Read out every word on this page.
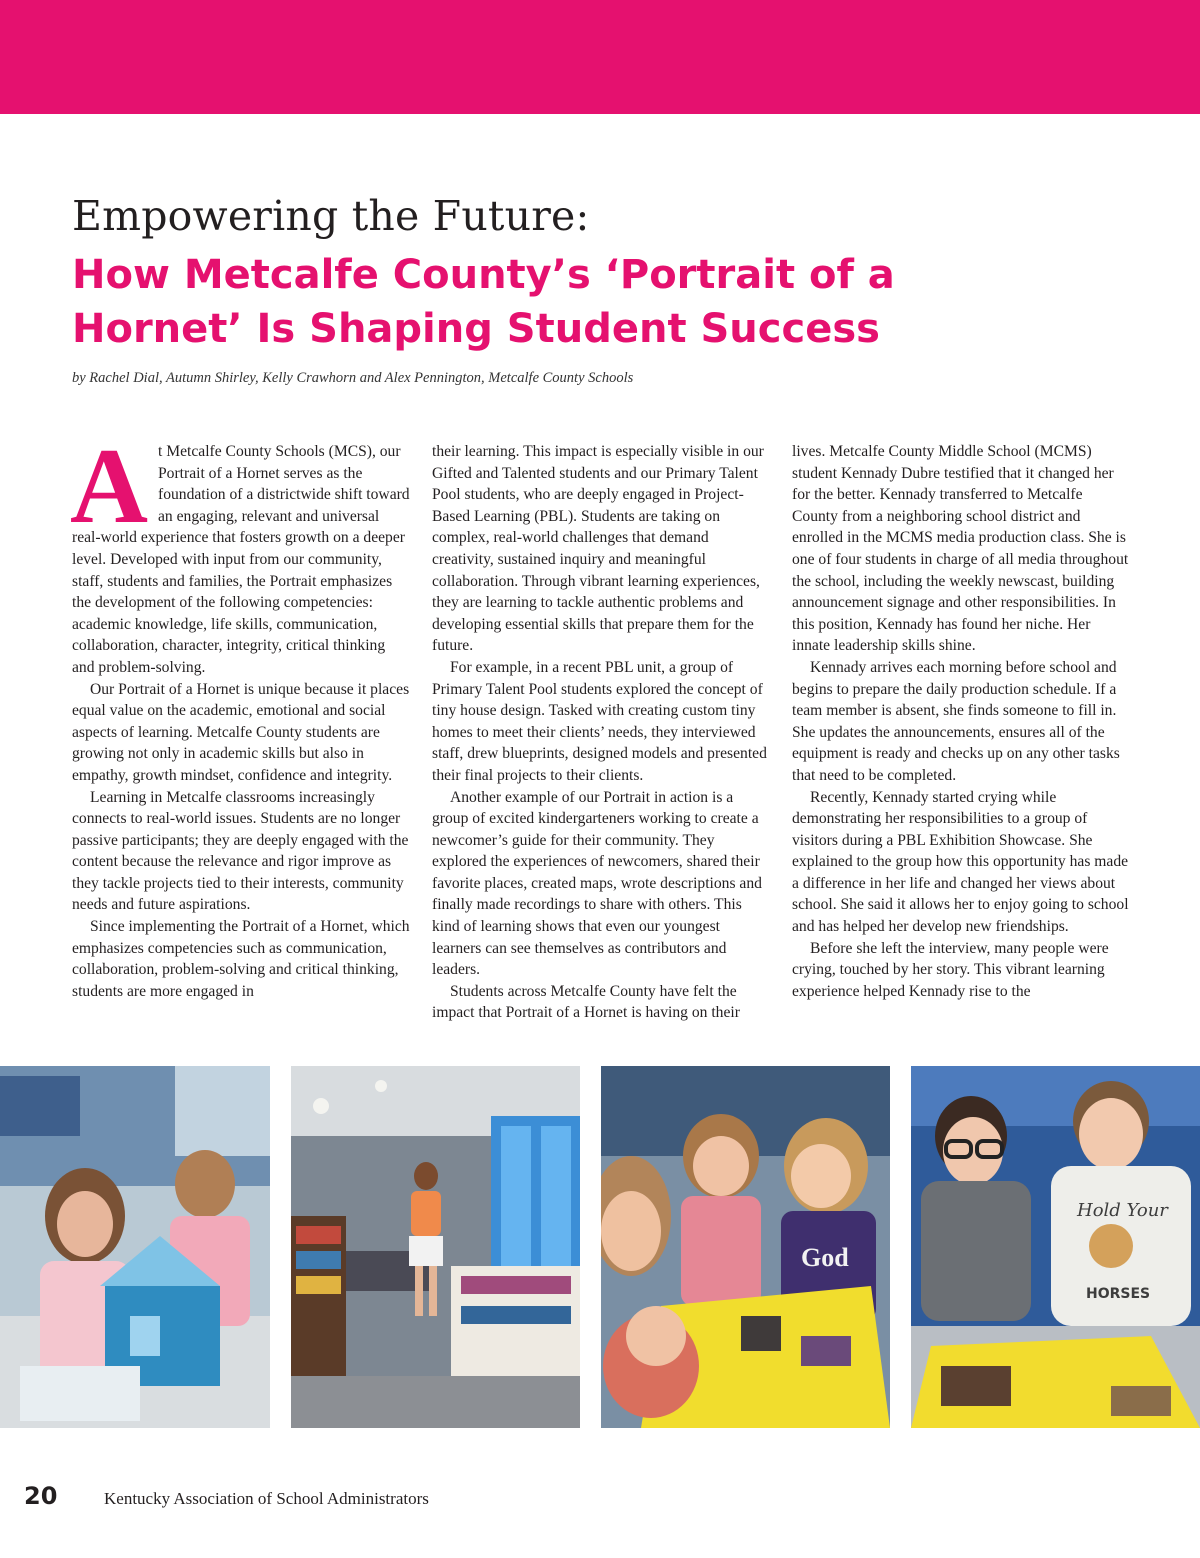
Empowering the Future:
How Metcalfe County’s ‘Portrait of a Hornet’ Is Shaping Student Success

by Rachel Dial, Autumn Shirley, Kelly Crawhorn and Alex Pennington, Metcalfe County Schools

At Metcalfe County Schools (MCS), our Portrait of a Hornet serves as the foundation of a districtwide shift toward an engaging, relevant and universal real-world experience that fosters growth on a deeper level. Developed with input from our community, staff, students and families, the Portrait emphasizes the development of the following competencies: academic knowledge, life skills, communication, collaboration, character, integrity, critical thinking and problem-solving.

Our Portrait of a Hornet is unique because it places equal value on the academic, emotional and social aspects of learning. Metcalfe County students are growing not only in academic skills but also in empathy, growth mindset, confidence and integrity.

Learning in Metcalfe classrooms increasingly connects to real-world issues. Students are no longer passive participants; they are deeply engaged with the content because the relevance and rigor improve as they tackle projects tied to their interests, community needs and future aspirations.

Since implementing the Portrait of a Hornet, which emphasizes competencies such as communication, collaboration, problem-solving and critical thinking, students are more engaged in

their learning. This impact is especially visible in our Gifted and Talented students and our Primary Talent Pool students, who are deeply engaged in Project-Based Learning (PBL). Students are taking on complex, real-world challenges that demand creativity, sustained inquiry and meaningful collaboration. Through vibrant learning experiences, they are learning to tackle authentic problems and developing essential skills that prepare them for the future.

For example, in a recent PBL unit, a group of Primary Talent Pool students explored the concept of tiny house design. Tasked with creating custom tiny homes to meet their clients’ needs, they interviewed staff, drew blueprints, designed models and presented their final projects to their clients.

Another example of our Portrait in action is a group of excited kindergarteners working to create a newcomer’s guide for their community. They explored the experiences of newcomers, shared their favorite places, created maps, wrote descriptions and finally made recordings to share with others. This kind of learning shows that even our youngest learners can see themselves as contributors and leaders.

Students across Metcalfe County have felt the impact that Portrait of a Hornet is having on their

lives. Metcalfe County Middle School (MCMS) student Kennady Dubre testified that it changed her for the better. Kennady transferred to Metcalfe County from a neighboring school district and enrolled in the MCMS media production class. She is one of four students in charge of all media throughout the school, including the weekly newscast, building announcement signage and other responsibilities. In this position, Kennady has found her niche. Her innate leadership skills shine.

Kennady arrives each morning before school and begins to prepare the daily production schedule. If a team member is absent, she finds someone to fill in. She updates the announcements, ensures all of the equipment is ready and checks up on any other tasks that need to be completed.

Recently, Kennady started crying while demonstrating her responsibilities to a group of visitors during a PBL Exhibition Showcase. She explained to the group how this opportunity has made a difference in her life and changed her views about school. She said it allows her to enjoy going to school and has helped her develop new friendships.

Before she left the interview, many people were crying, touched by her story. This vibrant learning experience helped Kennady rise to the

God
Hold Your
HORSES
20	Kentucky Association of School Administrators
